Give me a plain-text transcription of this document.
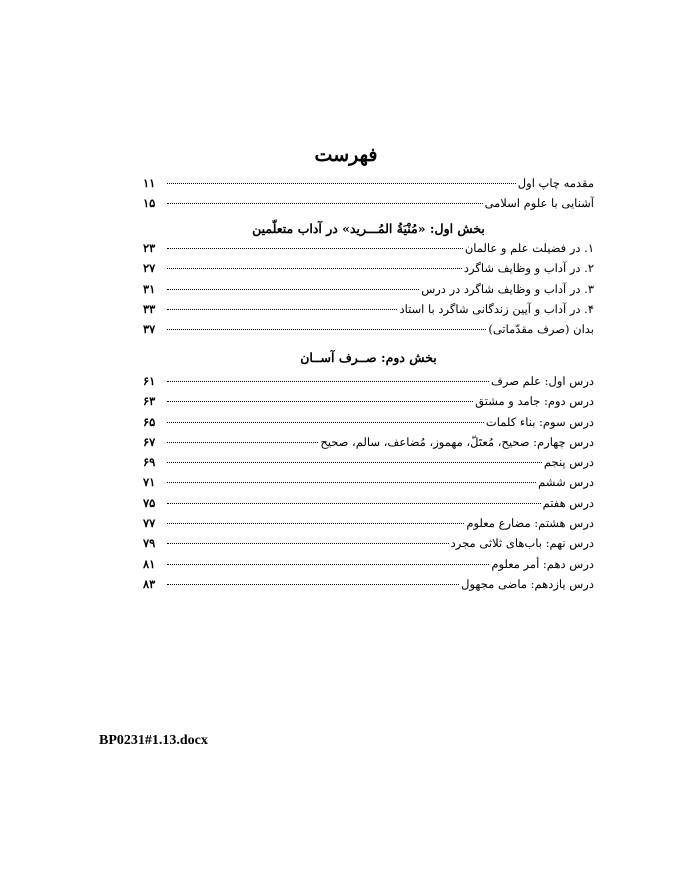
فهرست
مقدمه چاپ اول
۱۱
آشنایی با علوم اسلامی
۱۵
بخش اول: «مُنْيَةُ المُـــريد» در آداب متعلّمين
۱. در فضیلت علم و عالمان
۲۳
۲. در آداب و وظایف شاگرد
۲۷
۳. در آداب و وظایف شاگرد در درس
۳۱
۴. در آداب و آیین زندگانی شاگرد با استاد
۳۳
بدان (صرف مقدّماتی)
۳۷
بخش دوم: صــرف آســان
درس اول: علم صرف
۶۱
درس دوم: جامد و مشتق
۶۳
درس سوم: بناء کلمات
۶۵
درس چهارم: صحیح، مُعتَلّ، مهموز، مُضاعف، سالم، صحیح
۶۷
درس پنجم
۶۹
درس ششم
۷۱
درس هفتم
۷۵
درس هشتم: مضارع معلوم
۷۷
درس نهم: باب‌های ثلاثی مجرد
۷۹
درس دهم: أمر معلوم
۸۱
درس یازدهم: ماضی مجهول
۸۳
BP0231#1.13.docx
